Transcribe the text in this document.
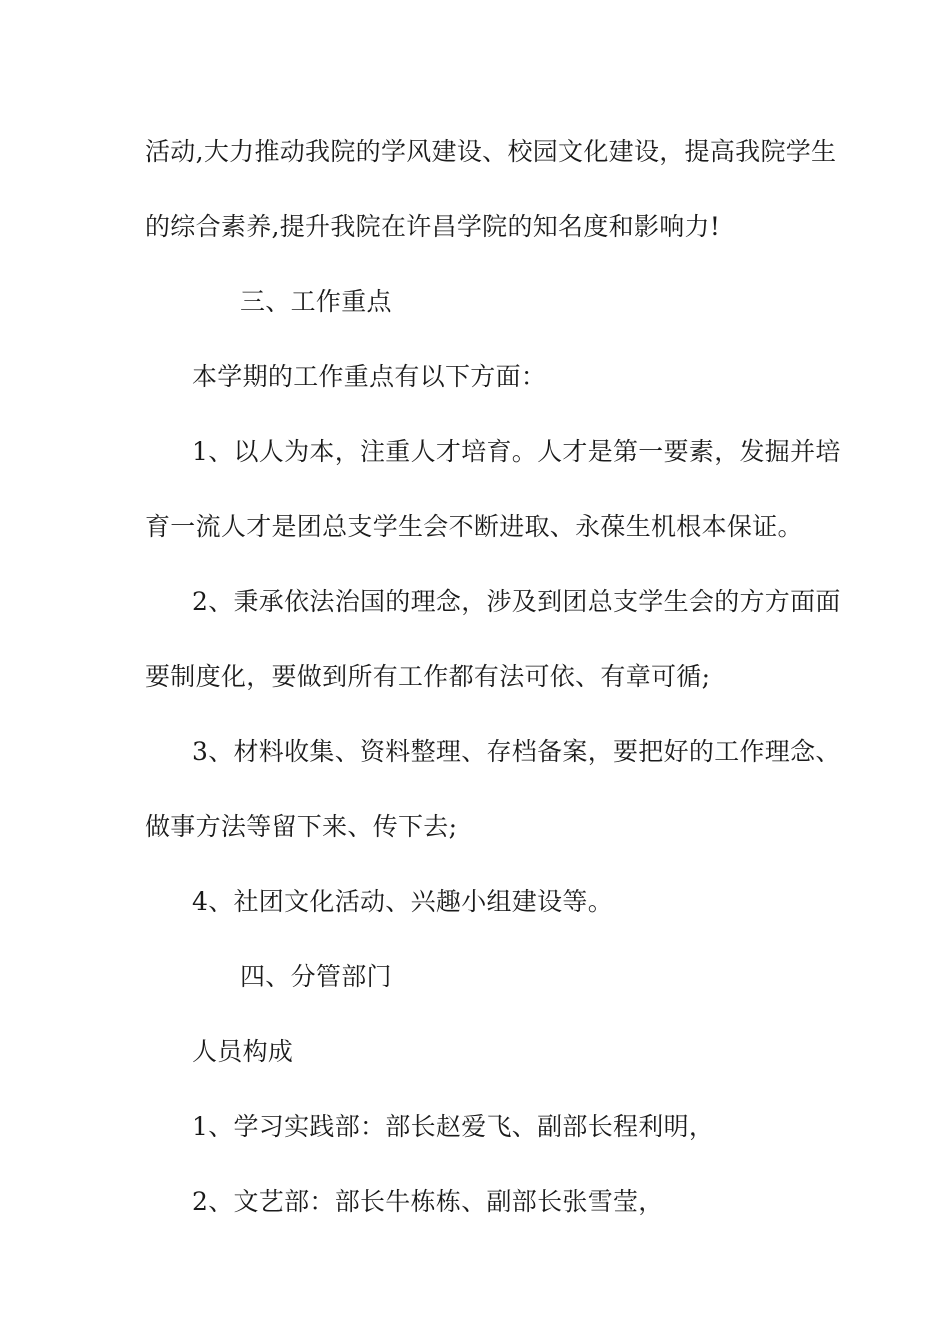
活动,大力推动我院的学风建设、校园文化建设，提高我院学生
的综合素养,提升我院在许昌学院的知名度和影响力!
三、工作重点
本学期的工作重点有以下方面：
1、以人为本，注重人才培育。人才是第一要素，发掘并培
育一流人才是团总支学生会不断进取、永葆生机根本保证。
2、秉承依法治国的理念，涉及到团总支学生会的方方面面
要制度化，要做到所有工作都有法可依、有章可循;
3、材料收集、资料整理、存档备案，要把好的工作理念、
做事方法等留下来、传下去;
4、社团文化活动、兴趣小组建设等。
四、分管部门
人员构成
1、学习实践部：部长赵爱飞、副部长程利明，
2、文艺部：部长牛栋栋、副部长张雪莹，
